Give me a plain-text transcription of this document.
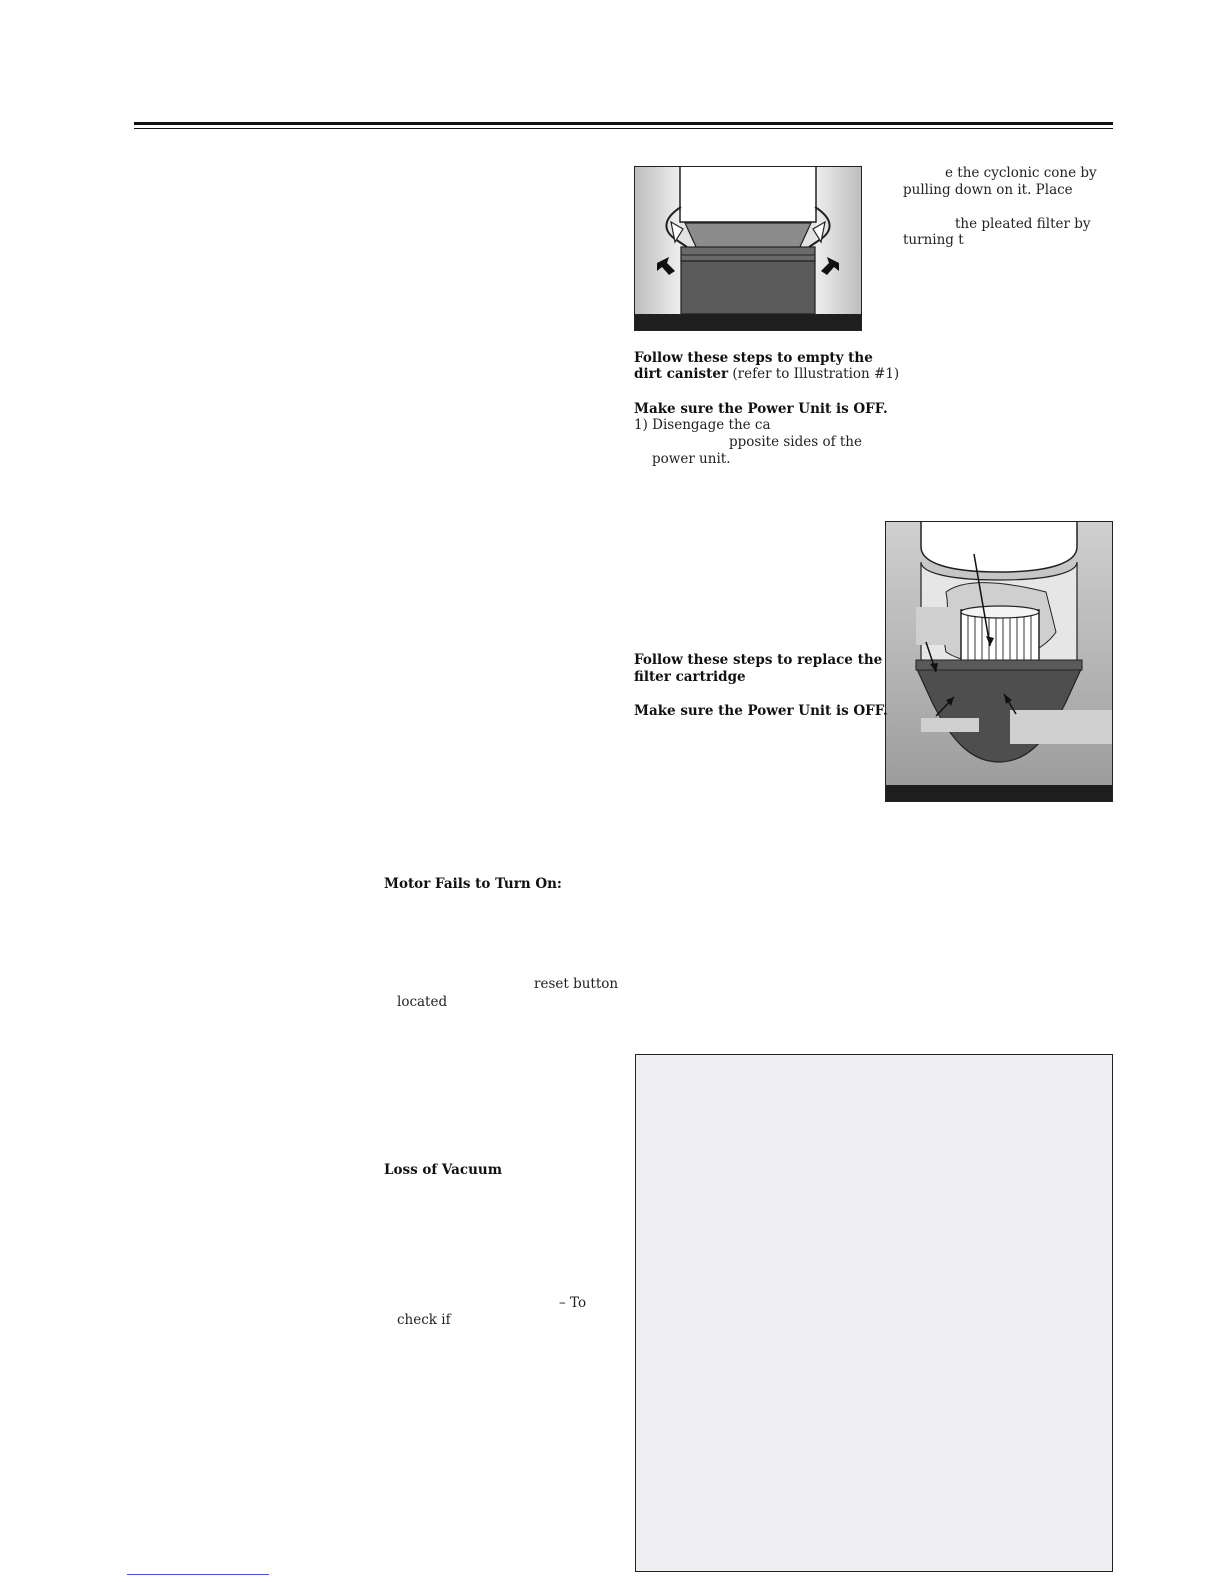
e the cyclonic cone by
pulling down on it. Place
the pleated filter by
turning t
Follow these steps to empty the
dirt canister (refer to Illustration #1)
Make sure the Power Unit is OFF.
1) Disengage the ca
pposite sides of the
power unit.
Follow these steps to replace the
filter cartridge
Make sure the Power Unit is OFF.
Motor Fails to Turn On:
reset button
located
Loss of Vacuum
– To
check if
